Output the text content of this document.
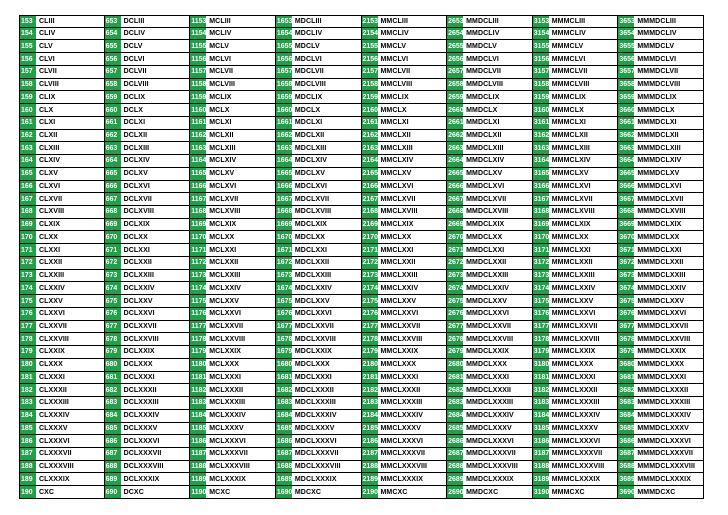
153 CLIII
154 CLIV
155 CLV
156 CLVI
157 CLVII
158 CLVIII
159 CLIX
160 CLX
161 CLXI
162 CLXII
163 CLXIII
164 CLXIV
165 CLXV
166 CLXVI
167 CLXVII
168 CLXVIII
169 CLXIX
170 CLXX
171 CLXXI
172 CLXXII
173 CLXXIII
174 CLXXIV
175 CLXXV
176 CLXXVI
177 CLXXVII
178 CLXXVIII
179 CLXXIX
180 CLXXX
181 CLXXXI
182 CLXXXII
183 CLXXXIII
184 CLXXXIV
185 CLXXXV
186 CLXXXVI
187 CLXXXVII
188 CLXXXVIII
189 CLXXXIX
190 CXC
653 DCLIII
654 DCLIV
655 DCLV
656 DCLVI
657 DCLVII
658 DCLVIII
659 DCLIX
660 DCLX
661 DCLXI
662 DCLXII
663 DCLXIII
664 DCLXIV
665 DCLXV
666 DCLXVI
667 DCLXVII
668 DCLXVIII
669 DCLXIX
670 DCLXX
671 DCLXXI
672 DCLXXII
673 DCLXXIII
674 DCLXXIV
675 DCLXXV
676 DCLXXVI
677 DCLXXVII
678 DCLXXVIII
679 DCLXXIX
680 DCLXXX
681 DCLXXXI
682 DCLXXXII
683 DCLXXXIII
684 DCLXXXIV
685 DCLXXXV
686 DCLXXXVI
687 DCLXXXVII
688 DCLXXXVIII
689 DCLXXXIX
690 DCXC
1153 MCLIII
1154 MCLIV
1155 MCLV
1156 MCLVI
1157 MCLVII
1158 MCLVIII
1159 MCLIX
1160 MCLX
1161 MCLXI
1162 MCLXII
1163 MCLXIII
1164 MCLXIV
1165 MCLXV
1166 MCLXVI
1167 MCLXVII
1168 MCLXVIII
1169 MCLXIX
1170 MCLXX
1171 MCLXXI
1172 MCLXXII
1173 MCLXXIII
1174 MCLXXIV
1175 MCLXXV
1176 MCLXXVI
1177 MCLXXVII
1178 MCLXXVIII
1179 MCLXXIX
1180 MCLXXX
1181 MCLXXXI
1182 MCLXXXII
1183 MCLXXXIII
1184 MCLXXXIV
1185 MCLXXXV
1186 MCLXXXVI
1187 MCLXXXVII
1188 MCLXXXVIII
1189 MCLXXXIX
1190 MCXC
1653 MDCLIII
1654 MDCLIV
1655 MDCLV
1656 MDCLVI
1657 MDCLVII
1658 MDCLVIII
1659 MDCLIX
1660 MDCLX
1661 MDCLXI
1662 MDCLXII
1663 MDCLXIII
1664 MDCLXIV
1665 MDCLXV
1666 MDCLXVI
1667 MDCLXVII
1668 MDCLXVIII
1669 MDCLXIX
1670 MDCLXX
1671 MDCLXXI
1672 MDCLXXII
1673 MDCLXXIII
1674 MDCLXXIV
1675 MDCLXXV
1676 MDCLXXVI
1677 MDCLXXVII
1678 MDCLXXVIII
1679 MDCLXXIX
1680 MDCLXXX
1681 MDCLXXXI
1682 MDCLXXXII
1683 MDCLXXXIII
1684 MDCLXXXIV
1685 MDCLXXXV
1686 MDCLXXXVI
1687 MDCLXXXVII
1688 MDCLXXXVIII
1689 MDCLXXXIX
1690 MDCXC
2153 MMCLIII
2154 MMCLIV
2155 MMCLV
2156 MMCLVI
2157 MMCLVII
2158 MMCLVIII
2159 MMCLIX
2160 MMCLX
2161 MMCLXI
2162 MMCLXII
2163 MMCLXIII
2164 MMCLXIV
2165 MMCLXV
2166 MMCLXVI
2167 MMCLXVII
2168 MMCLXVIII
2169 MMCLXIX
2170 MMCLXX
2171 MMCLXXI
2172 MMCLXXII
2173 MMCLXXIII
2174 MMCLXXIV
2175 MMCLXXV
2176 MMCLXXVI
2177 MMCLXXVII
2178 MMCLXXVIII
2179 MMCLXXIX
2180 MMCLXXX
2181 MMCLXXXI
2182 MMCLXXXII
2183 MMCLXXXIII
2184 MMCLXXXIV
2185 MMCLXXXV
2186 MMCLXXXVI
2187 MMCLXXXVII
2188 MMCLXXXVIII
2189 MMCLXXXIX
2190 MMCXC
2653 MMDCLIII
2654 MMDCLIV
2655 MMDCLV
2656 MMDCLVI
2657 MMDCLVII
2658 MMDCLVIII
2659 MMDCLIX
2660 MMDCLX
2661 MMDCLXI
2662 MMDCLXII
2663 MMDCLXIII
2664 MMDCLXIV
2665 MMDCLXV
2666 MMDCLXVI
2667 MMDCLXVII
2668 MMDCLXVIII
2669 MMDCLXIX
2670 MMDCLXX
2671 MMDCLXXI
2672 MMDCLXXII
2673 MMDCLXXIII
2674 MMDCLXXIV
2675 MMDCLXXV
2676 MMDCLXXVI
2677 MMDCLXXVII
2678 MMDCLXXVIII
2679 MMDCLXXIX
2680 MMDCLXXX
2681 MMDCLXXXI
2682 MMDCLXXXII
2683 MMDCLXXXIII
2684 MMDCLXXXIV
2685 MMDCLXXXV
2686 MMDCLXXXVI
2687 MMDCLXXXVII
2688 MMDCLXXXVIII
2689 MMDCLXXXIX
2690 MMDCXC
3153 MMMCLIII
3154 MMMCLIV
3155 MMMCLV
3156 MMMCLVI
3157 MMMCLVII
3158 MMMCLVIII
3159 MMMCLIX
3160 MMMCLX
3161 MMMCLXI
3162 MMMCLXII
3163 MMMCLXIII
3164 MMMCLXIV
3165 MMMCLXV
3166 MMMCLXVI
3167 MMMCLXVII
3168 MMMCLXVIII
3169 MMMCLXIX
3170 MMMCLXX
3171 MMMCLXXI
3172 MMMCLXXII
3173 MMMCLXXIII
3174 MMMCLXXIV
3175 MMMCLXXV
3176 MMMCLXXVI
3177 MMMCLXXVII
3178 MMMCLXXVIII
3179 MMMCLXXIX
3180 MMMCLXXX
3181 MMMCLXXXI
3182 MMMCLXXXII
3183 MMMCLXXXIII
3184 MMMCLXXXIV
3185 MMMCLXXXV
3186 MMMCLXXXVI
3187 MMMCLXXXVII
3188 MMMCLXXXVIII
3189 MMMCLXXXIX
3190 MMMCXC
3653 MMMDCLIII
3654 MMMDCLIV
3655 MMMDCLV
3656 MMMDCLVI
3657 MMMDCLVII
3658 MMMDCLVIII
3659 MMMDCLIX
3660 MMMDCLX
3661 MMMDCLXI
3662 MMMDCLXII
3663 MMMDCLXIII
3664 MMMDCLXIV
3665 MMMDCLXV
3666 MMMDCLXVI
3667 MMMDCLXVII
3668 MMMDCLXVIII
3669 MMMDCLXIX
3670 MMMDCLXX
3671 MMMDCLXXI
3672 MMMDCLXXII
3673 MMMDCLXXIII
3674 MMMDCLXXIV
3675 MMMDCLXXV
3676 MMMDCLXXVI
3677 MMMDCLXXVII
3678 MMMDCLXXVIII
3679 MMMDCLXXIX
3680 MMMDCLXXX
3681 MMMDCLXXXI
3682 MMMDCLXXXII
3683 MMMDCLXXXIII
3684 MMMDCLXXXIV
3685 MMMDCLXXXV
3686 MMMDCLXXXVI
3687 MMMDCLXXXVII
3688 MMMDCLXXXVIII
3689 MMMDCLXXXIX
3690 MMMDCXC
